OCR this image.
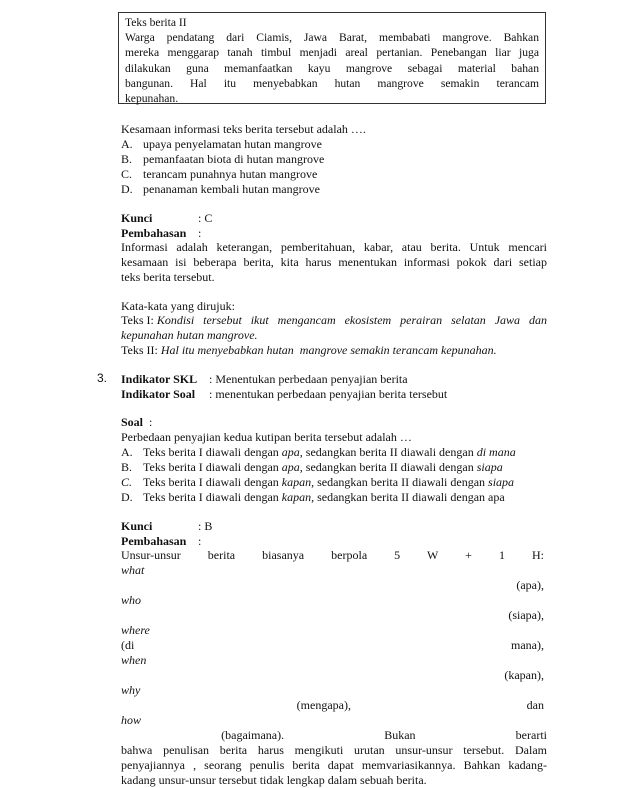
Teks berita II
Warga pendatang dari Ciamis, Jawa Barat, membabati mangrove. Bahkan
mereka menggarap tanah timbul menjadi areal pertanian. Penebangan liar juga
dilakukan guna memanfaatkan kayu mangrove sebagai material bahan
bangunan. Hal itu menyebabkan hutan mangrove semakin terancam
kepunahan.
Kesamaan informasi teks berita tersebut adalah ….
A. upaya penyelamatan hutan mangrove
B. pemanfaatan biota di hutan mangrove
C. terancam punahnya hutan mangrove
D. penanaman kembali hutan mangrove
Kunci	: C
Pembahasan :
Informasi adalah keterangan, pemberitahuan, kabar, atau berita. Untuk mencari
kesamaan isi beberapa berita, kita harus menentukan informasi pokok dari setiap
teks berita tersebut.
Kata-kata yang dirujuk:
Teks I: Kondisi tersebut ikut mengancam ekosistem perairan selatan Jawa dan
kepunahan hutan mangrove.
Teks II: Hal itu menyebabkan hutan  mangrove semakin terancam kepunahan.
3. Indikator SKL : Menentukan perbedaan penyajian berita
Indikator Soal : menentukan perbedaan penyajian berita tersebut
Soal :
Perbedaan penyajian kedua kutipan berita tersebut adalah …
A. Teks berita I diawali dengan apa, sedangkan berita II diawali dengan di mana
B. Teks berita I diawali dengan apa, sedangkan berita II diawali dengan siapa
C. Teks berita I diawali dengan kapan, sedangkan berita II diawali dengan siapa
D. Teks berita I diawali dengan kapan, sedangkan berita II diawali dengan apa
Kunci	: B
Pembahasan :
Unsur-unsur berita biasanya berpola 5 W + 1 H:
what
(apa),
who
(siapa),
where
(di mana),
when
(kapan),
why
(mengapa), dan
how
(bagaimana). Bukan berarti
bahwa penulisan berita harus mengikuti urutan unsur-unsur tersebut. Dalam
penyajiannya , seorang penulis berita dapat memvariasikannya. Bahkan kadang-
kadang unsur-unsur tersebut tidak lengkap dalam sebuah berita.
